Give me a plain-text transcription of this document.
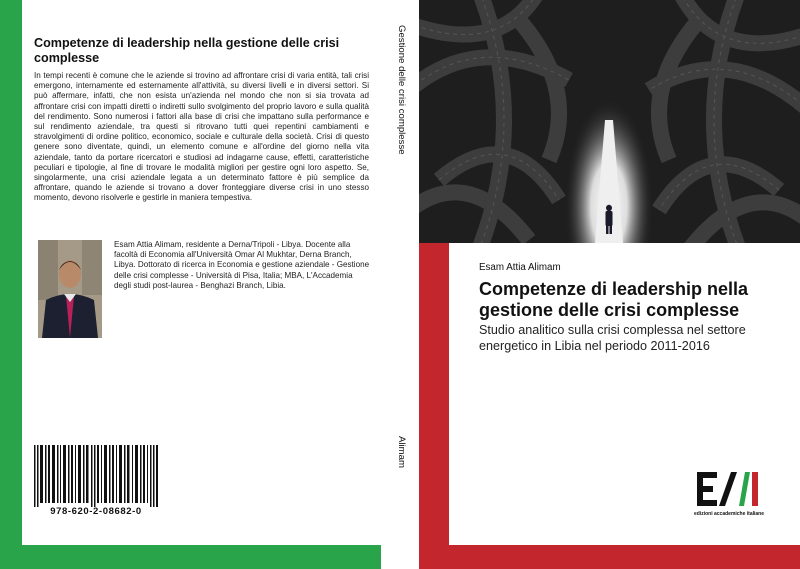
Competenze di leadership nella gestione delle crisi complesse
In tempi recenti è comune che le aziende si trovino ad affrontare crisi di varia entità, tali crisi emergono, internamente ed esternamente all'attività, su diversi livelli e in diversi settori. Si può affermare, infatti, che non esista un'azienda nel mondo che non si sia trovata ad affrontare crisi con impatti diretti o indiretti sullo svolgimento del proprio lavoro e sulla qualità del rendimento. Sono numerosi i fattori alla base di crisi che impattano sulla performance e sul rendimento aziendale, tra questi si ritrovano tutti quei repentini cambiamenti e stravolgimenti di ordine politico, economico, sociale e culturale della società. Crisi di questo genere sono diventate, quindi, un elemento comune e all'ordine del giorno nella vita aziendale, tanto da portare ricercatori e studiosi ad indagarne cause, effetti, caratteristiche peculiari e tipologie, al fine di trovare le modalità migliori per gestire ogni loro aspetto. Se, singolarmente, una crisi aziendale legata a un determinato fattore è più semplice da affrontare, quando le aziende si trovano a dover fronteggiare diverse crisi in uno stesso momento, devono risolverle e gestirle in maniera tempestiva.
Esam Attia Alimam, residente a Derna/Tripoli - Libya. Docente alla facoltà di Economia all'Università Omar Al Mukhtar, Derna Branch, Libya. Dottorato di ricerca in Economia e gestione aziendale - Gestione delle crisi complesse - Università di Pisa, Italia; MBA, L'Accademia degli studi post-laurea - Benghazi Branch, Libia.
978-620-2-08682-0
Gestione delle crisi complesse
Alimam
Esam Attia Alimam
Competenze di leadership nella gestione delle crisi complesse
Studio analitico sulla crisi complessa nel settore energetico in Libia nel periodo 2011-2016
edizioni accademiche italiane
